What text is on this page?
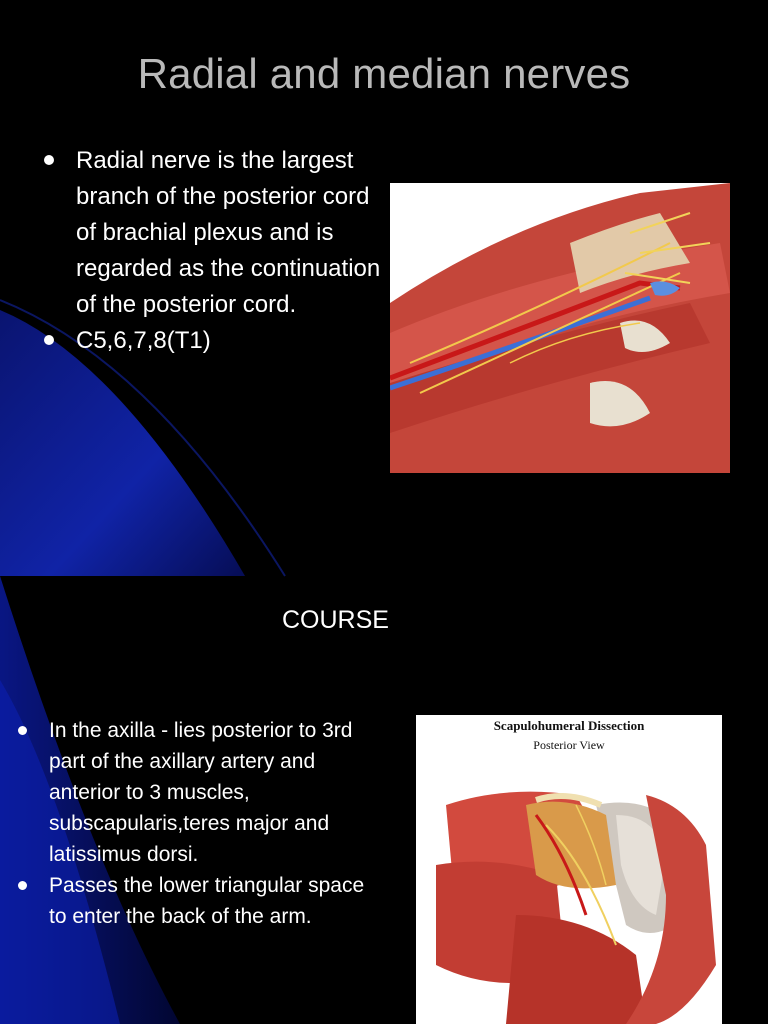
Radial and median nerves
Radial nerve is the largest branch of the posterior cord of brachial plexus and is regarded as the continuation of the posterior cord.
C5,6,7,8(T1)
COURSE
In the axilla - lies posterior to 3rd part of the axillary artery and anterior to 3 muscles, subscapularis,teres major and latissimus dorsi.
Passes the lower triangular space to enter the back of the arm.
Scapulohumeral Dissection
Posterior View
